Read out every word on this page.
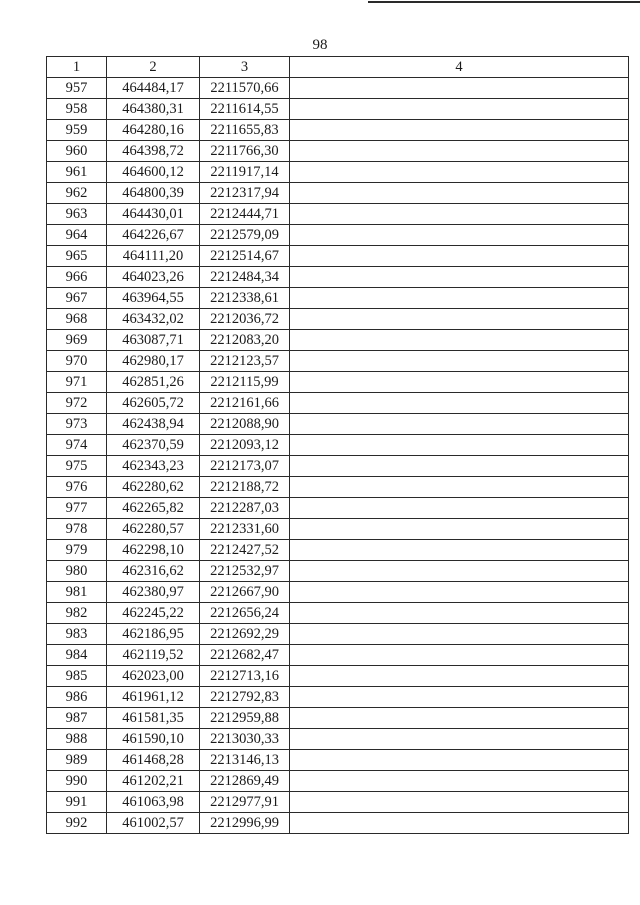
98
1	2	3	4
957	464484,17	2211570,66	
958	464380,31	2211614,55	
959	464280,16	2211655,83	
960	464398,72	2211766,30	
961	464600,12	2211917,14	
962	464800,39	2212317,94	
963	464430,01	2212444,71	
964	464226,67	2212579,09	
965	464111,20	2212514,67	
966	464023,26	2212484,34	
967	463964,55	2212338,61	
968	463432,02	2212036,72	
969	463087,71	2212083,20	
970	462980,17	2212123,57	
971	462851,26	2212115,99	
972	462605,72	2212161,66	
973	462438,94	2212088,90	
974	462370,59	2212093,12	
975	462343,23	2212173,07	
976	462280,62	2212188,72	
977	462265,82	2212287,03	
978	462280,57	2212331,60	
979	462298,10	2212427,52	
980	462316,62	2212532,97	
981	462380,97	2212667,90	
982	462245,22	2212656,24	
983	462186,95	2212692,29	
984	462119,52	2212682,47	
985	462023,00	2212713,16	
986	461961,12	2212792,83	
987	461581,35	2212959,88	
988	461590,10	2213030,33	
989	461468,28	2213146,13	
990	461202,21	2212869,49	
991	461063,98	2212977,91	
992	461002,57	2212996,99	
